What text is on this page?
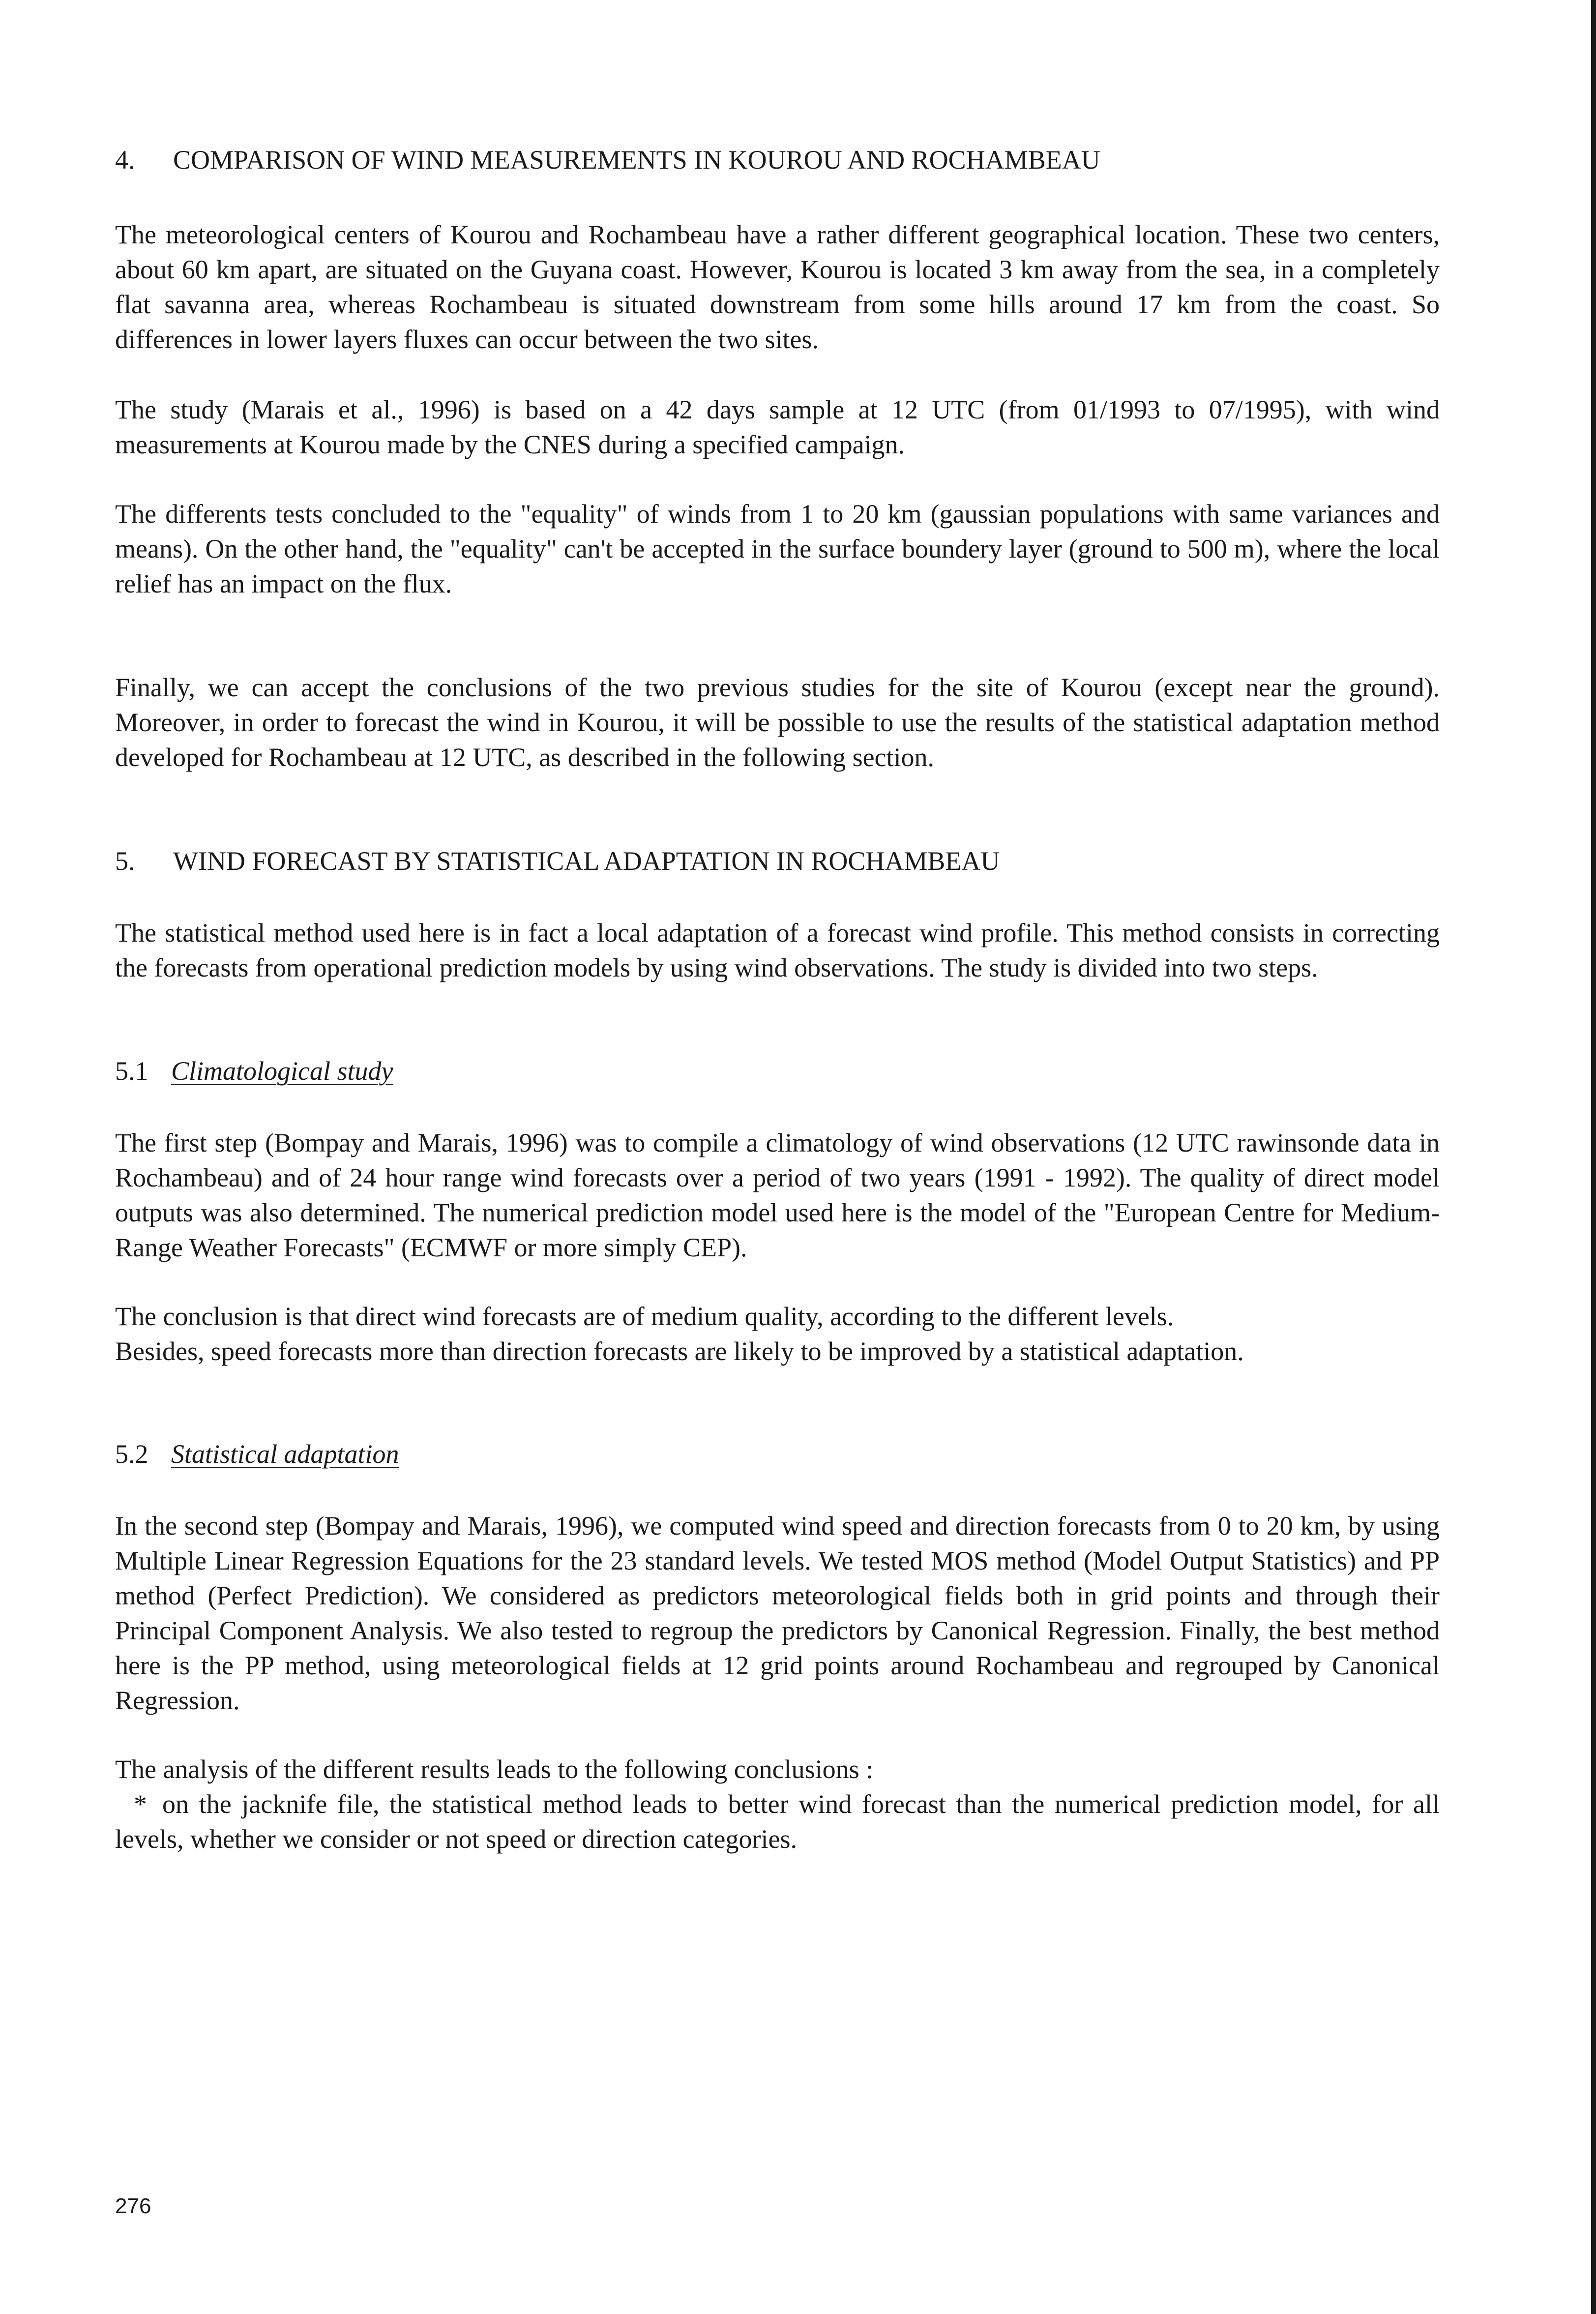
4. COMPARISON OF WIND MEASUREMENTS IN KOUROU AND ROCHAMBEAU
The meteorological centers of Kourou and Rochambeau have a rather different geographical location. These two centers, about 60 km apart, are situated on the Guyana coast. However, Kourou is located 3 km away from the sea, in a completely flat savanna area, whereas Rochambeau is situated downstream from some hills around 17 km from the coast. So differences in lower layers fluxes can occur between the two sites.
The study (Marais et al., 1996) is based on a 42 days sample at 12 UTC (from 01/1993 to 07/1995), with wind measurements at Kourou made by the CNES during a specified campaign.
The differents tests concluded to the "equality" of winds from 1 to 20 km (gaussian populations with same variances and means). On the other hand, the "equality" can't be accepted in the surface boundery layer (ground to 500 m), where the local relief has an impact on the flux.
Finally, we can accept the conclusions of the two previous studies for the site of Kourou (except near the ground). Moreover, in order to forecast the wind in Kourou, it will be possible to use the results of the statistical adaptation method developed for Rochambeau at 12 UTC, as described in the following section.
5. WIND FORECAST BY STATISTICAL ADAPTATION IN ROCHAMBEAU
The statistical method used here is in fact a local adaptation of a forecast wind profile. This method consists in correcting the forecasts from operational prediction models by using wind observations. The study is divided into two steps.
5.1 Climatological study
The first step (Bompay and Marais, 1996) was to compile a climatology of wind observations (12 UTC rawinsonde data in Rochambeau) and of 24 hour range wind forecasts over a period of two years (1991 - 1992). The quality of direct model outputs was also determined. The numerical prediction model used here is the model of the "European Centre for Medium-Range Weather Forecasts" (ECMWF or more simply CEP).
The conclusion is that direct wind forecasts are of medium quality, according to the different levels.
Besides, speed forecasts more than direction forecasts are likely to be improved by a statistical adaptation.
5.2 Statistical adaptation
In the second step (Bompay and Marais, 1996), we computed wind speed and direction forecasts from 0 to 20 km, by using Multiple Linear Regression Equations for the 23 standard levels. We tested MOS method (Model Output Statistics) and PP method (Perfect Prediction). We considered as predictors meteorological fields both in grid points and through their Principal Component Analysis. We also tested to regroup the predictors by Canonical Regression. Finally, the best method here is the PP method, using meteorological fields at 12 grid points around Rochambeau and regrouped by Canonical Regression.
The analysis of the different results leads to the following conclusions :
* on the jacknife file, the statistical method leads to better wind forecast than the numerical prediction model, for all levels, whether we consider or not speed or direction categories.
276
